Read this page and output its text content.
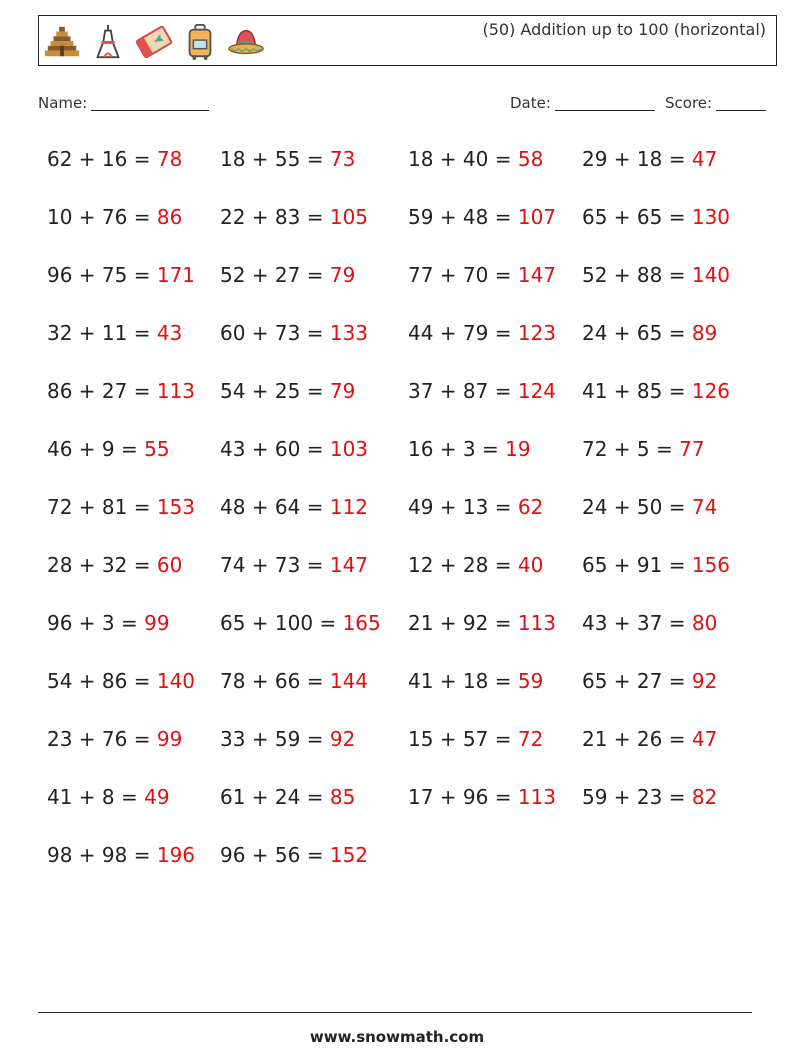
(50) Addition up to 100 (horizontal)
Name:	Date:	Score:
62 + 16 = 78 18 + 55 = 73	18 + 40 = 58 29 + 18 = 47
10 + 76 = 86 22 + 83 = 105 59 + 48 = 107 65 + 65 = 130
96 + 75 = 171 52 + 27 = 79	77 + 70 = 147 52 + 88 = 140
32 + 11 = 43 60 + 73 = 133 44 + 79 = 123 24 + 65 = 89
86 + 27 = 113 54 + 25 = 79	37 + 87 = 124 41 + 85 = 126
46 + 9 = 55	43 + 60 = 103 16 + 3 = 19	72 + 5 = 77
72 + 81 = 153 48 + 64 = 112 49 + 13 = 62 24 + 50 = 74
28 + 32 = 60 74 + 73 = 147 12 + 28 = 40 65 + 91 = 156
96 + 3 = 99	65 + 100 = 165 21 + 92 = 113 43 + 37 = 80
54 + 86 = 140 78 + 66 = 144 41 + 18 = 59 65 + 27 = 92
23 + 76 = 99 33 + 59 = 92	15 + 57 = 72 21 + 26 = 47
41 + 8 = 49	61 + 24 = 85	17 + 96 = 113 59 + 23 = 82
98 + 98 = 196 96 + 56 = 152
www.snowmath.com
